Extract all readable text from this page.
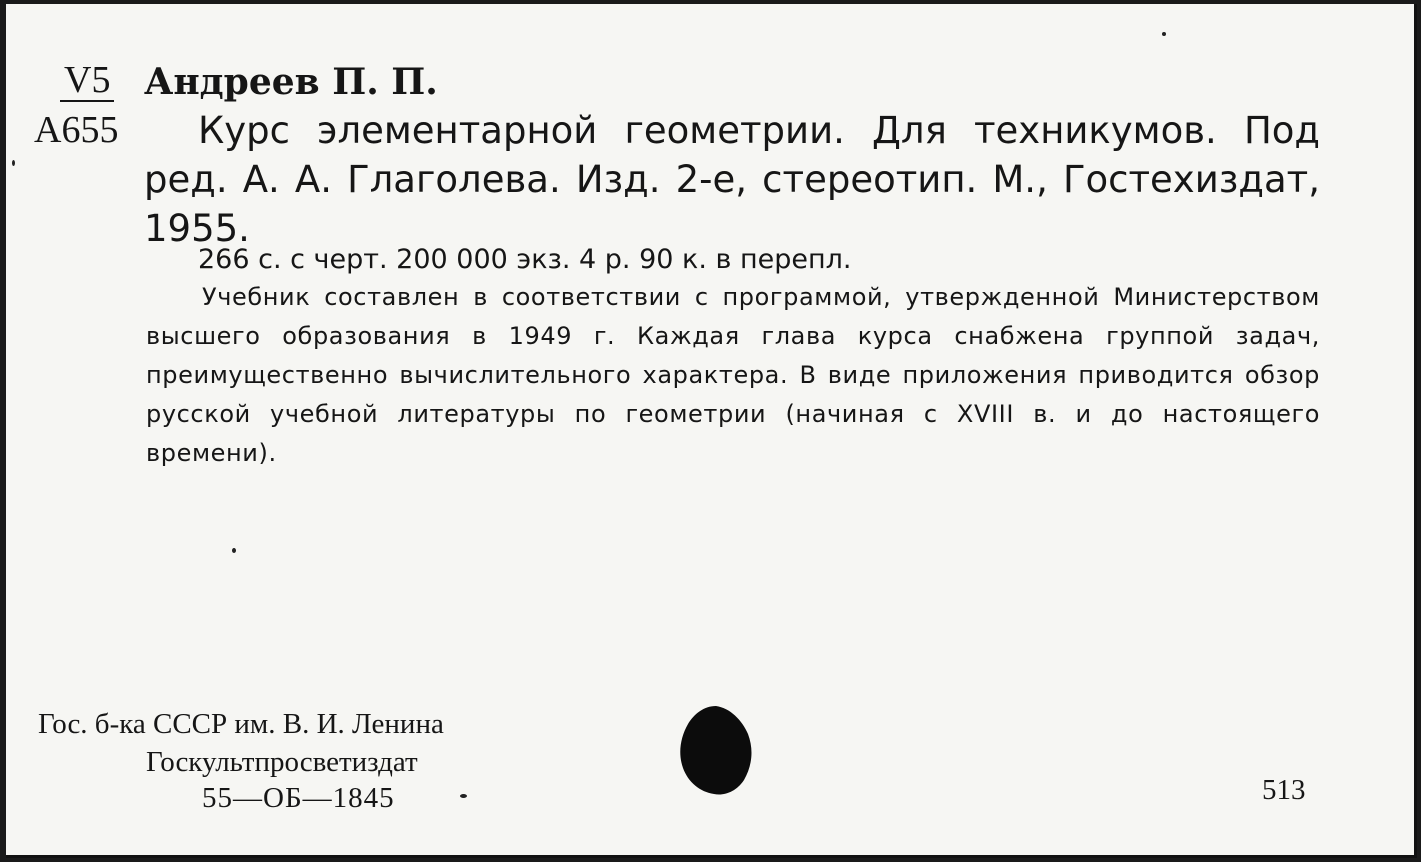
V5
А655
Андреев П. П.
Курс элементарной геометрии. Для техникумов. Под ред. А. А. Глаголева. Изд. 2-е, стереотип. М., Гостехиздат, 1955.
266 с. с черт. 200 000 экз. 4 р. 90 к. в перепл.
Учебник составлен в соответствии с программой, утвержденной Министерством высшего образования в 1949 г. Каждая глава курса снабжена группой задач, преимущественно вычислительного характера. В виде приложения приводится обзор русской учебной литературы по геометрии (начиная с XVIII в. и до настоящего времени).
Гос. б-ка СССР им. В. И. Ленина
Госкультпросветиздат
55—ОБ—1845	513
